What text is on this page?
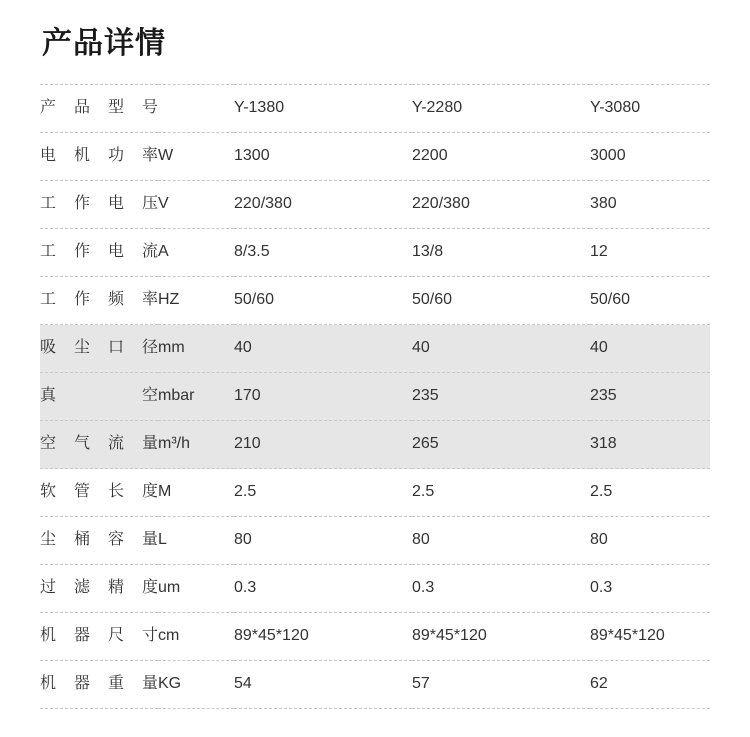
产品详情
产品型号		Y-1380	Y-2280	Y-3080
电机功率	W	1300	2200	3000
工作电压	V	220/380	220/380	380
工作电流	A	8/3.5	13/8	12
工作频率	HZ	50/60	50/60	50/60
吸尘口径	mm	40	40	40
真空	mbar	170	235	235
空气流量	m³/h	210	265	318
软管长度	M	2.5	2.5	2.5
尘桶容量	L	80	80	80
过滤精度	um	0.3	0.3	0.3
机器尺寸	cm	89*45*120	89*45*120	89*45*120
机器重量	KG	54	57	62
